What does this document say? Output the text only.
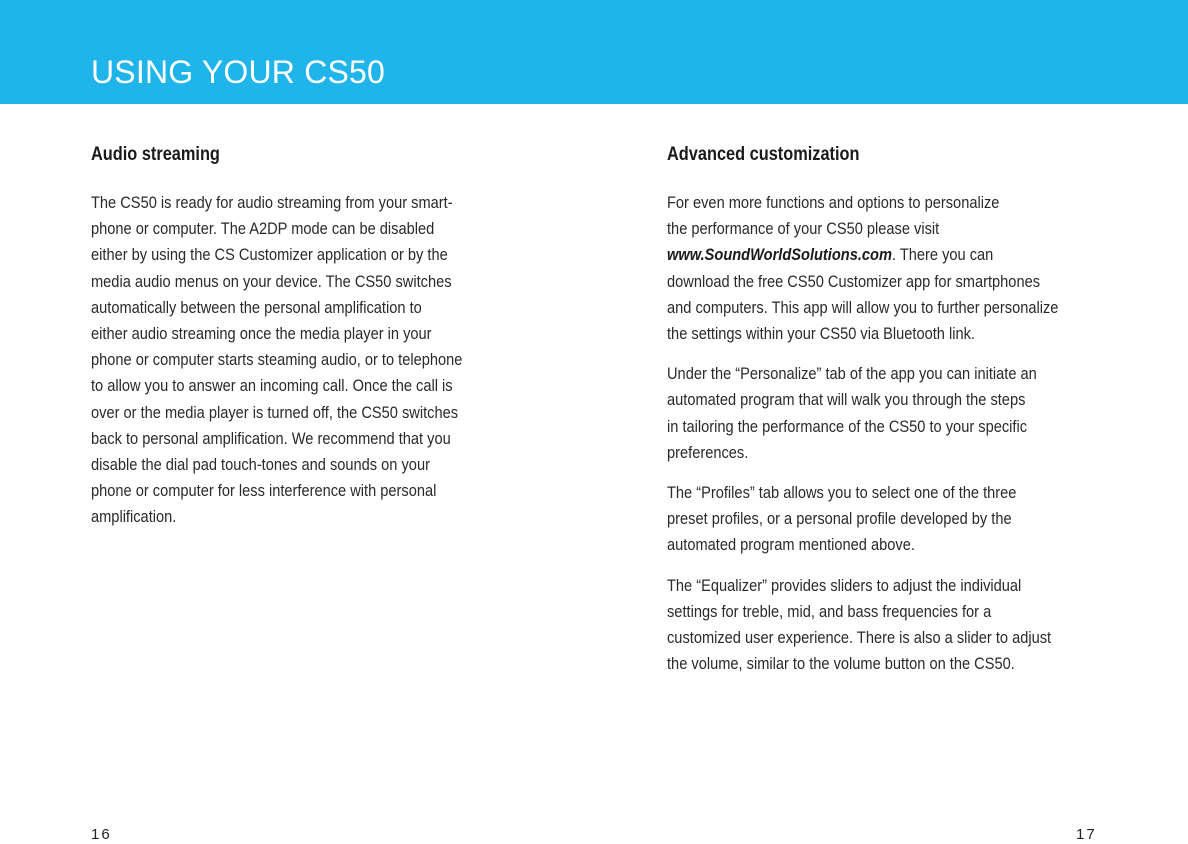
USING YOUR CS50
Audio streaming

The CS50 is ready for audio streaming from your smart-
phone or computer. The A2DP mode can be disabled
either by using the CS Customizer application or by the
media audio menus on your device. The CS50 switches
automatically between the personal amplification to
either audio streaming once the media player in your
phone or computer starts steaming audio, or to telephone
to allow you to answer an incoming call. Once the call is
over or the media player is turned off, the CS50 switches
back to personal amplification. We recommend that you
disable the dial pad touch-tones and sounds on your
phone or computer for less interference with personal
amplification.

Advanced customization

For even more functions and options to personalize
the performance of your CS50 please visit
www.SoundWorldSolutions.com. There you can
download the free CS50 Customizer app for smartphones
and computers. This app will allow you to further personalize
the settings within your CS50 via Bluetooth link.

Under the “Personalize” tab of the app you can initiate an
automated program that will walk you through the steps
in tailoring the performance of the CS50 to your specific
preferences.

The “Profiles” tab allows you to select one of the three
preset profiles, or a personal profile developed by the
automated program mentioned above.

The “Equalizer” provides sliders to adjust the individual
settings for treble, mid, and bass frequencies for a
customized user experience. There is also a slider to adjust
the volume, similar to the volume button on the CS50.

16	17
